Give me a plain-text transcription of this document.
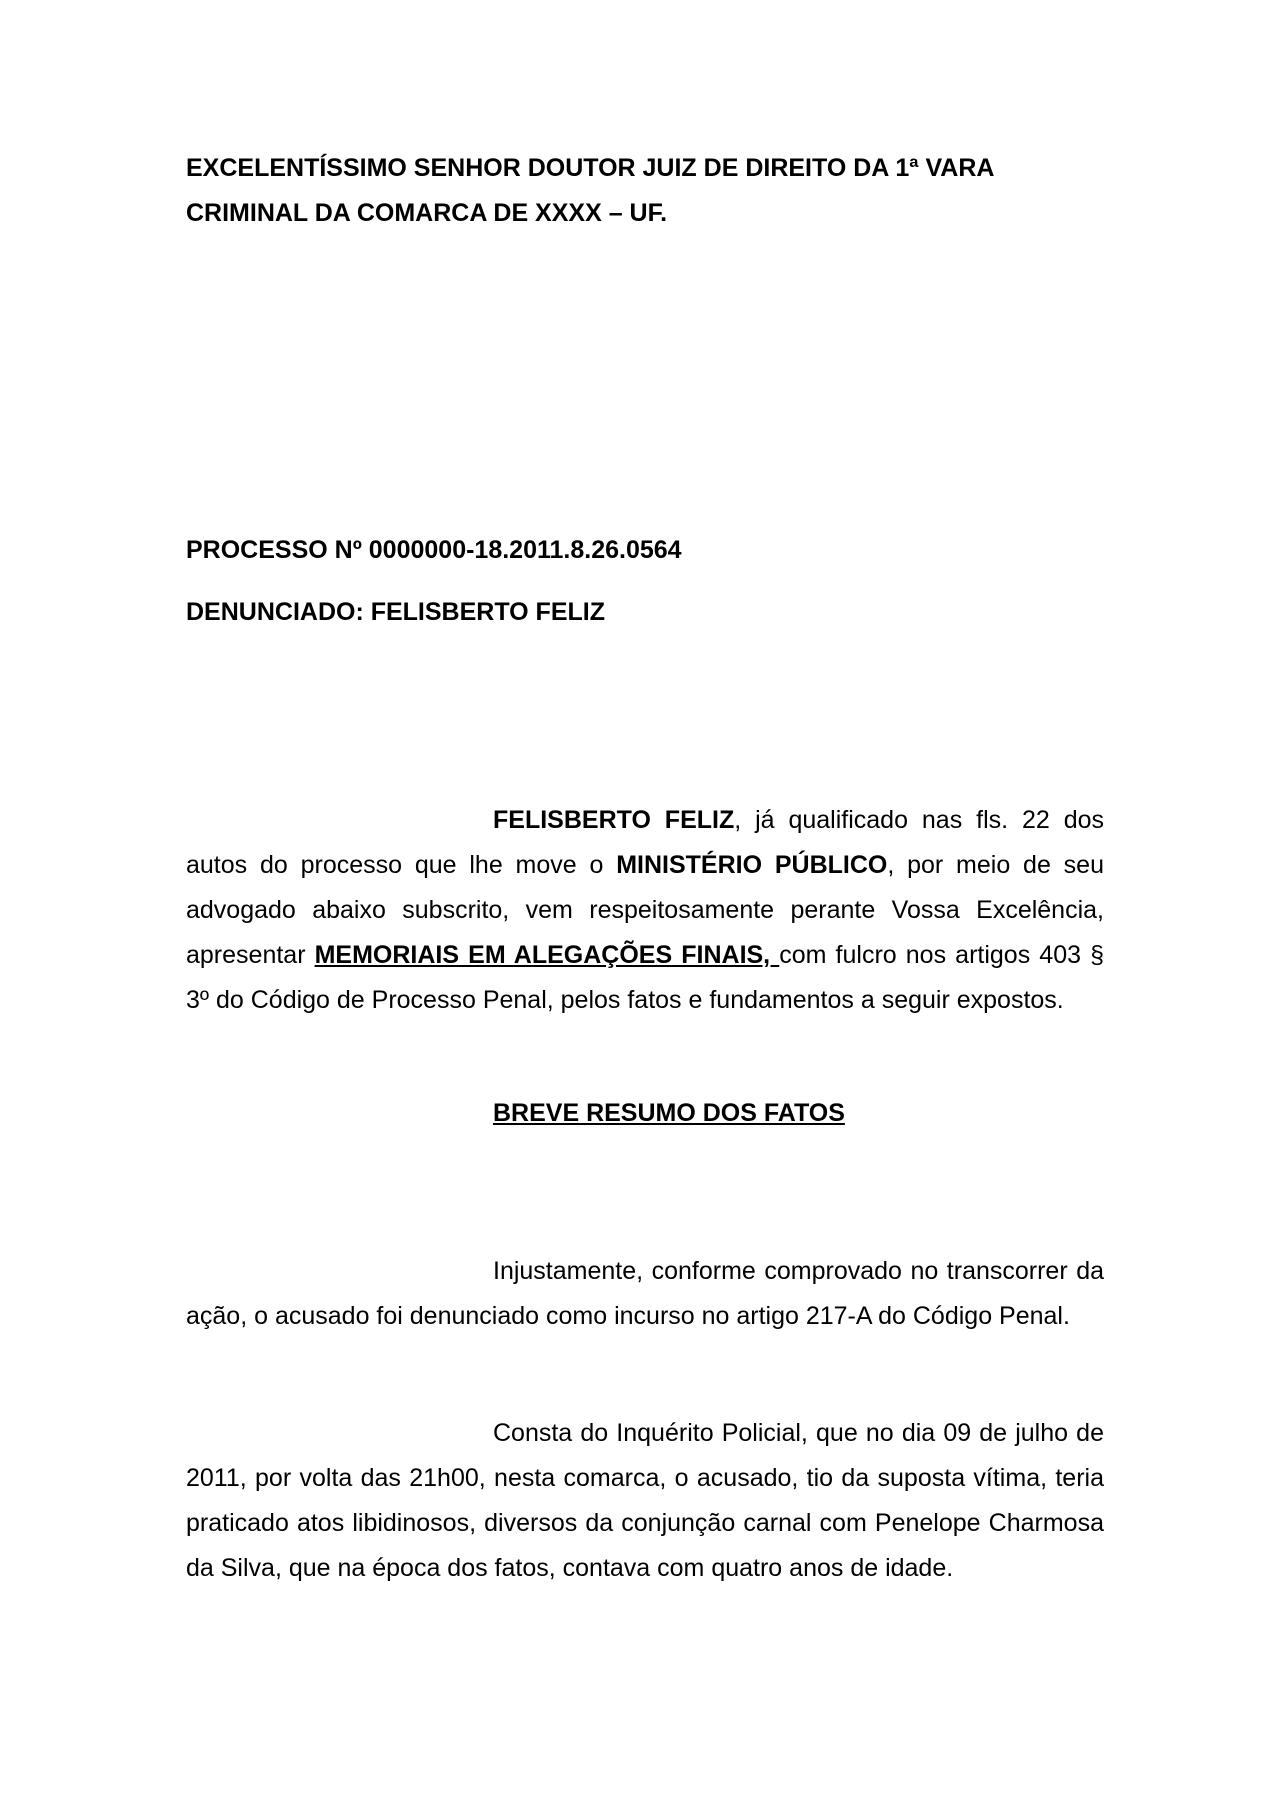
EXCELENTÍSSIMO SENHOR DOUTOR JUIZ DE DIREITO DA 1ª VARA
CRIMINAL DA COMARCA DE XXXX – UF.
PROCESSO Nº 0000000-18.2011.8.26.0564
DENUNCIADO: FELISBERTO FELIZ
FELISBERTO FELIZ, já qualificado nas fls. 22 dos autos do processo que lhe move o MINISTÉRIO PÚBLICO, por meio de seu advogado abaixo subscrito, vem respeitosamente perante Vossa Excelência, apresentar MEMORIAIS EM ALEGAÇÕES FINAIS, com fulcro nos artigos 403 § 3º do Código de Processo Penal, pelos fatos e fundamentos a seguir expostos.
BREVE RESUMO DOS FATOS
Injustamente, conforme comprovado no transcorrer da ação, o acusado foi denunciado como incurso no artigo 217-A do Código Penal.
Consta do Inquérito Policial, que no dia 09 de julho de 2011, por volta das 21h00, nesta comarca, o acusado, tio da suposta vítima, teria praticado atos libidinosos, diversos da conjunção carnal com Penelope Charmosa da Silva, que na época dos fatos, contava com quatro anos de idade.
